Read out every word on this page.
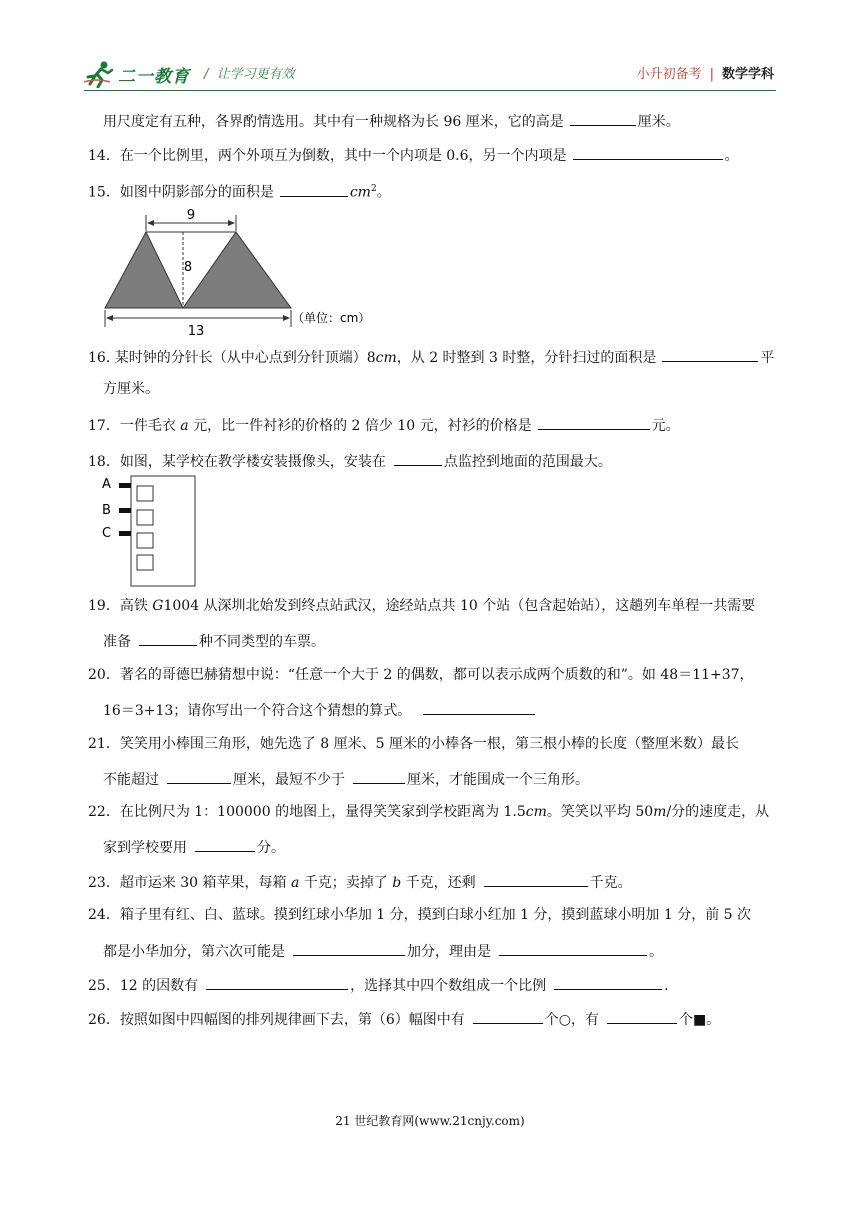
二一教育 /  让学习更有效	小升初备考 | 数学学科
用尺度定有五种，各界酌情选用。其中有一种规格为长 96 厘米，它的高是	厘米。
14．在一个比例里，两个外项互为倒数，其中一个内项是 0.6，另一个内项是	。
15．如图中阴影部分的面积是	$cm^2$。
9
8
13
（单位：cm）
16. 某时钟的分针长（从中心点到分针顶端）8cm，从 2 时整到 3 时整，分针扫过的面积是	平
方厘米。
17．一件毛衣 a 元，比一件衬衫的价格的 2 倍少 10 元，衬衫的价格是	元。
18．如图，某学校在教学楼安装摄像头，安装在	点监控到地面的范围最大。
A
B
C
19．高铁 G1004 从深圳北始发到终点站武汉，途经站点共 10 个站（包含起始站），这趟列车单程一共需要
准备	种不同类型的车票。
20．著名的哥德巴赫猜想中说：“任意一个大于 2 的偶数，都可以表示成两个质数的和”。如 48＝11+37，
16＝3+13；请你写出一个符合这个猜想的算式。
21．笑笑用小棒围三角形，她先选了 8 厘米、5 厘米的小棒各一根，第三根小棒的长度（整厘米数）最长
不能超过	厘米，最短不少于	厘米，才能围成一个三角形。
22．在比例尺为 1：100000 的地图上，量得笑笑家到学校距离为 1.5cm。笑笑以平均 50m/分的速度走，从
家到学校要用	分。
23．超市运来 30 箱苹果，每箱 a 千克；卖掉了 b 千克，还剩	千克。
24．箱子里有红、白、蓝球。摸到红球小华加 1 分，摸到白球小红加 1 分，摸到蓝球小明加 1 分，前 5 次
都是小华加分，第六次可能是	加分，理由是	。
25．12 的因数有	，选择其中四个数组成一个比例	.
26．按照如图中四幅图的排列规律画下去，第（6）幅图中有	个○，有	个■。
21 世纪教育网(www.21cnjy.com)
